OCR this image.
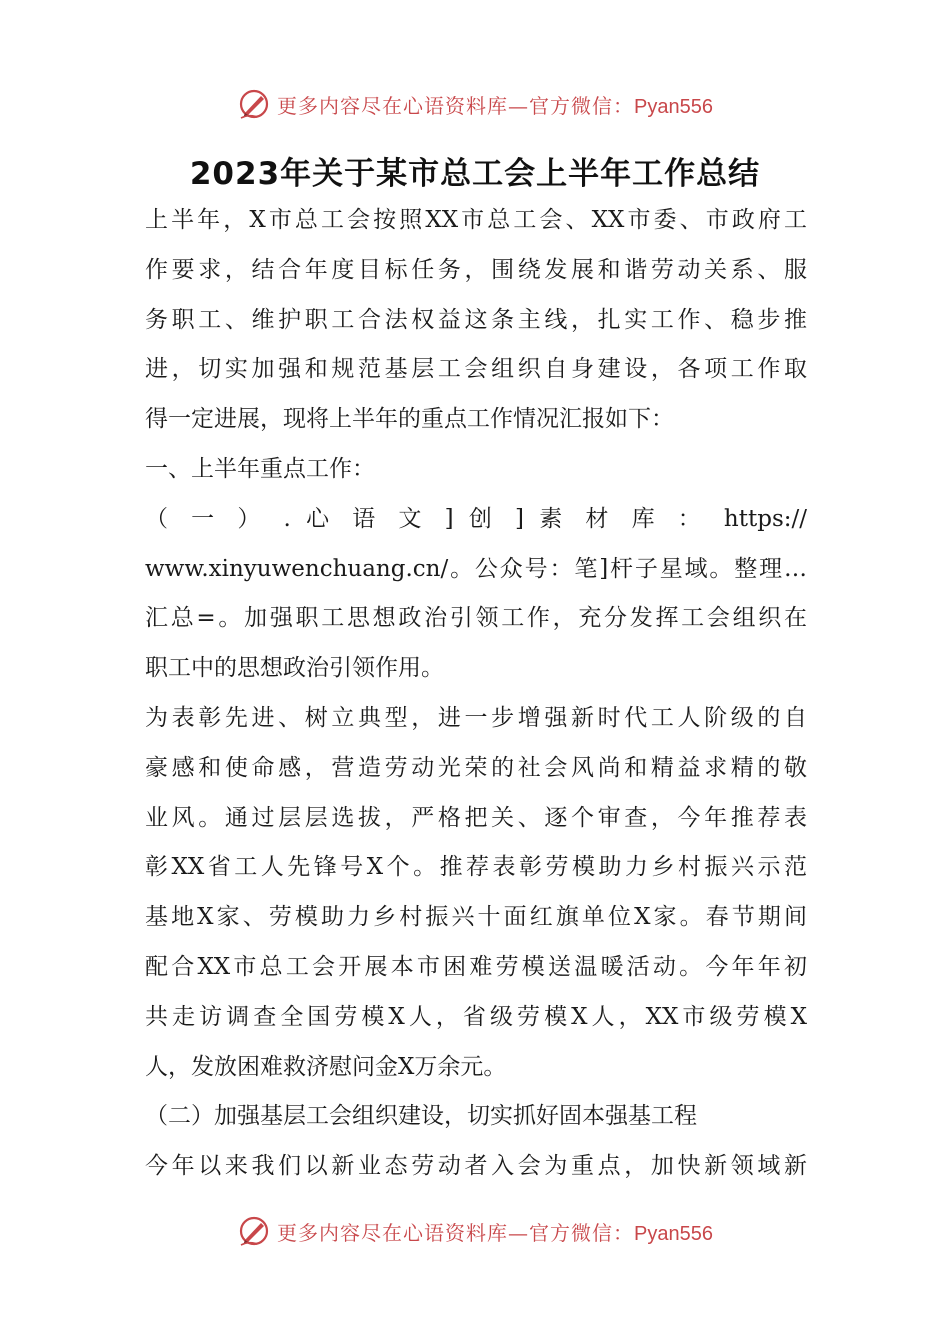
更多内容尽在心语资料库—官方微信：Pyan556
2023年关于某市总工会上半年工作总结
上半年，X市总工会按照XX市总工会、XX市委、市政府工
作要求，结合年度目标任务，围绕发展和谐劳动关系、服
务职工、维护职工合法权益这条主线，扎实工作、稳步推
进，切实加强和规范基层工会组织自身建设，各项工作取
得一定进展，现将上半年的重点工作情况汇报如下：
一、上半年重点工作：
（ 一 ） . 心 语 文 ] 创 ] 素 材 库 ： https://
www.xinyuwenchuang.cn/。公众号：笔]杆子星域。整理…
汇总=。加强职工思想政治引领工作，充分发挥工会组织在
职工中的思想政治引领作用。
为表彰先进、树立典型，进一步增强新时代工人阶级的自
豪感和使命感，营造劳动光荣的社会风尚和精益求精的敬
业风。通过层层选拔，严格把关、逐个审查，今年推荐表
彰XX省工人先锋号X个。推荐表彰劳模助力乡村振兴示范
基地X家、劳模助力乡村振兴十面红旗单位X家。春节期间
配合XX市总工会开展本市困难劳模送温暖活动。今年年初
共走访调查全国劳模X人，省级劳模X人，XX市级劳模X
人，发放困难救济慰问金X万余元。
（二）加强基层工会组织建设，切实抓好固本强基工程
今年以来我们以新业态劳动者入会为重点，加快新领域新
更多内容尽在心语资料库—官方微信：Pyan556
